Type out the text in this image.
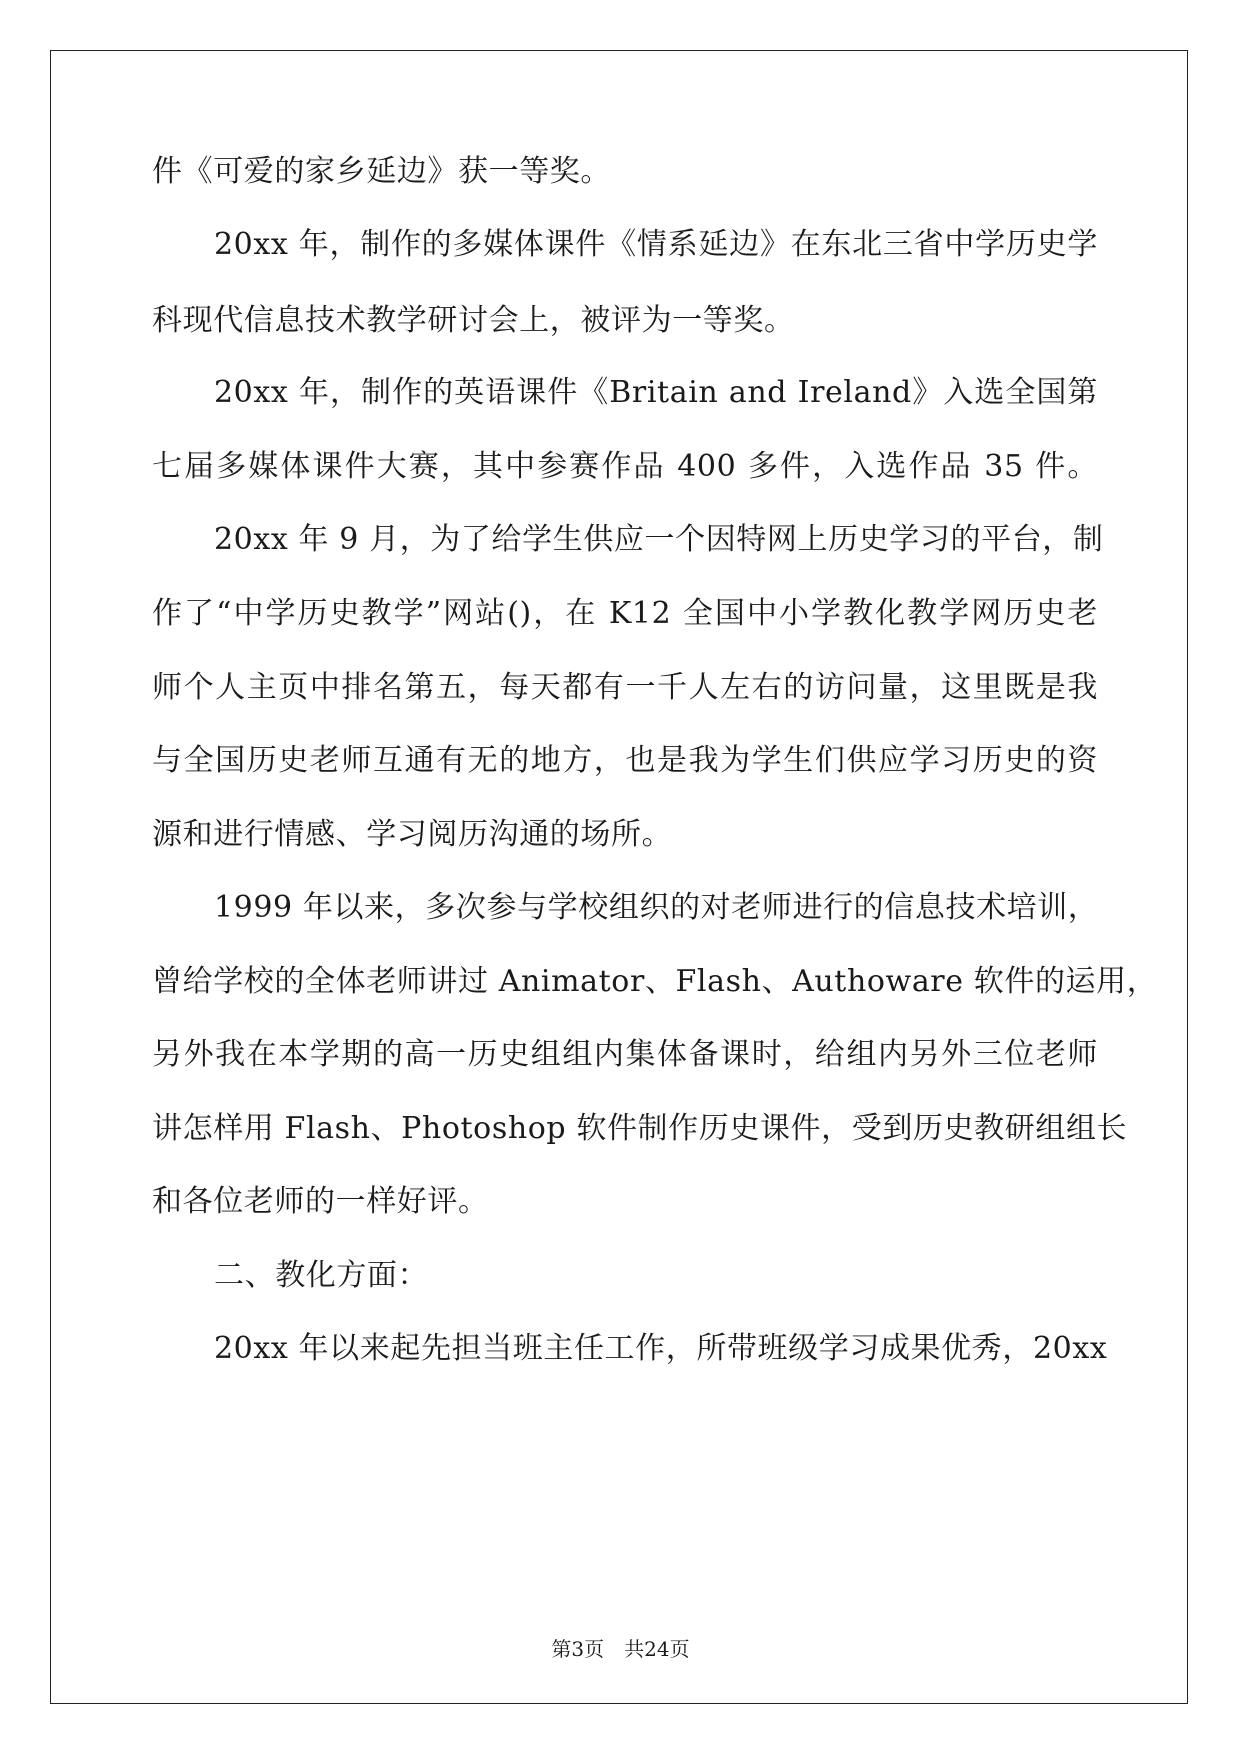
件《可爱的家乡延边》获一等奖。
20xx 年，制作的多媒体课件《情系延边》在东北三省中学历史学
科现代信息技术教学研讨会上，被评为一等奖。
20xx 年，制作的英语课件《Britain and Ireland》入选全国第
七届多媒体课件大赛，其中参赛作品 400 多件，入选作品 35 件。
20xx 年 9 月，为了给学生供应一个因特网上历史学习的平台，制
作了“中学历史教学”网站()，在 K12 全国中小学教化教学网历史老
师个人主页中排名第五，每天都有一千人左右的访问量，这里既是我
与全国历史老师互通有无的地方，也是我为学生们供应学习历史的资
源和进行情感、学习阅历沟通的场所。
1999 年以来，多次参与学校组织的对老师进行的信息技术培训，
曾给学校的全体老师讲过 Animator、Flash、Authoware 软件的运用，
另外我在本学期的高一历史组组内集体备课时，给组内另外三位老师
讲怎样用 Flash、Photoshop 软件制作历史课件，受到历史教研组组长
和各位老师的一样好评。
二、教化方面：
20xx 年以来起先担当班主任工作，所带班级学习成果优秀，20xx
第3页　共24页
